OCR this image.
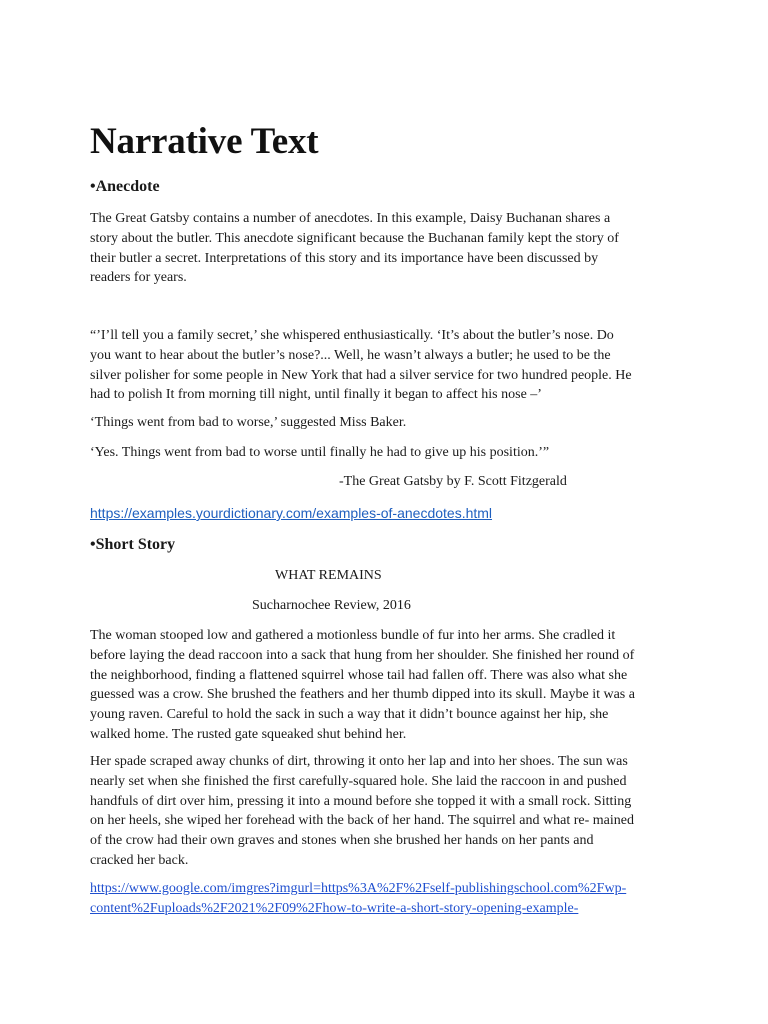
Narrative Text
•Anecdote

The Great Gatsby contains a number of anecdotes. In this example, Daisy Buchanan shares a
story about the butler. This anecdote significant because the Buchanan family kept the story of
their butler a secret. Interpretations of this story and its importance have been discussed by
readers for years.

“’I’ll tell you a family secret,’ she whispered enthusiastically. ‘It’s about the butler’s nose. Do
you want to hear about the butler’s nose?... Well, he wasn’t always a butler; he used to be the
silver polisher for some people in New York that had a silver service for two hundred people. He
had to polish It from morning till night, until finally it began to affect his nose –’

‘Things went from bad to worse,’ suggested Miss Baker.

‘Yes. Things went from bad to worse until finally he had to give up his position.’”

-The Great Gatsby by F. Scott Fitzgerald

https://examples.yourdictionary.com/examples-of-anecdotes.html
•Short Story

WHAT REMAINS

Sucharnochee Review, 2016

The woman stooped low and gathered a motionless bundle of fur into her arms. She cradled it
before laying the dead raccoon into a sack that hung from her shoulder. She finished her round of
the neighborhood, finding a flattened squirrel whose tail had fallen off. There was also what she
guessed was a crow. She brushed the feathers and her thumb dipped into its skull. Maybe it was a
young raven. Careful to hold the sack in such a way that it didn’t bounce against her hip, she
walked home. The rusted gate squeaked shut behind her.

Her spade scraped away chunks of dirt, throwing it onto her lap and into her shoes. The sun was
nearly set when she finished the first carefully-squared hole. She laid the raccoon in and pushed
handfuls of dirt over him, pressing it into a mound before she topped it with a small rock. Sitting
on her heels, she wiped her forehead with the back of her hand. The squirrel and what re- mained
of the crow had their own graves and stones when she brushed her hands on her pants and
cracked her back.

https://www.google.com/imgres?imgurl=https%3A%2F%2Fself-publishingschool.com%2Fwp-
content%2Fuploads%2F2021%2F09%2Fhow-to-write-a-short-story-opening-example-
